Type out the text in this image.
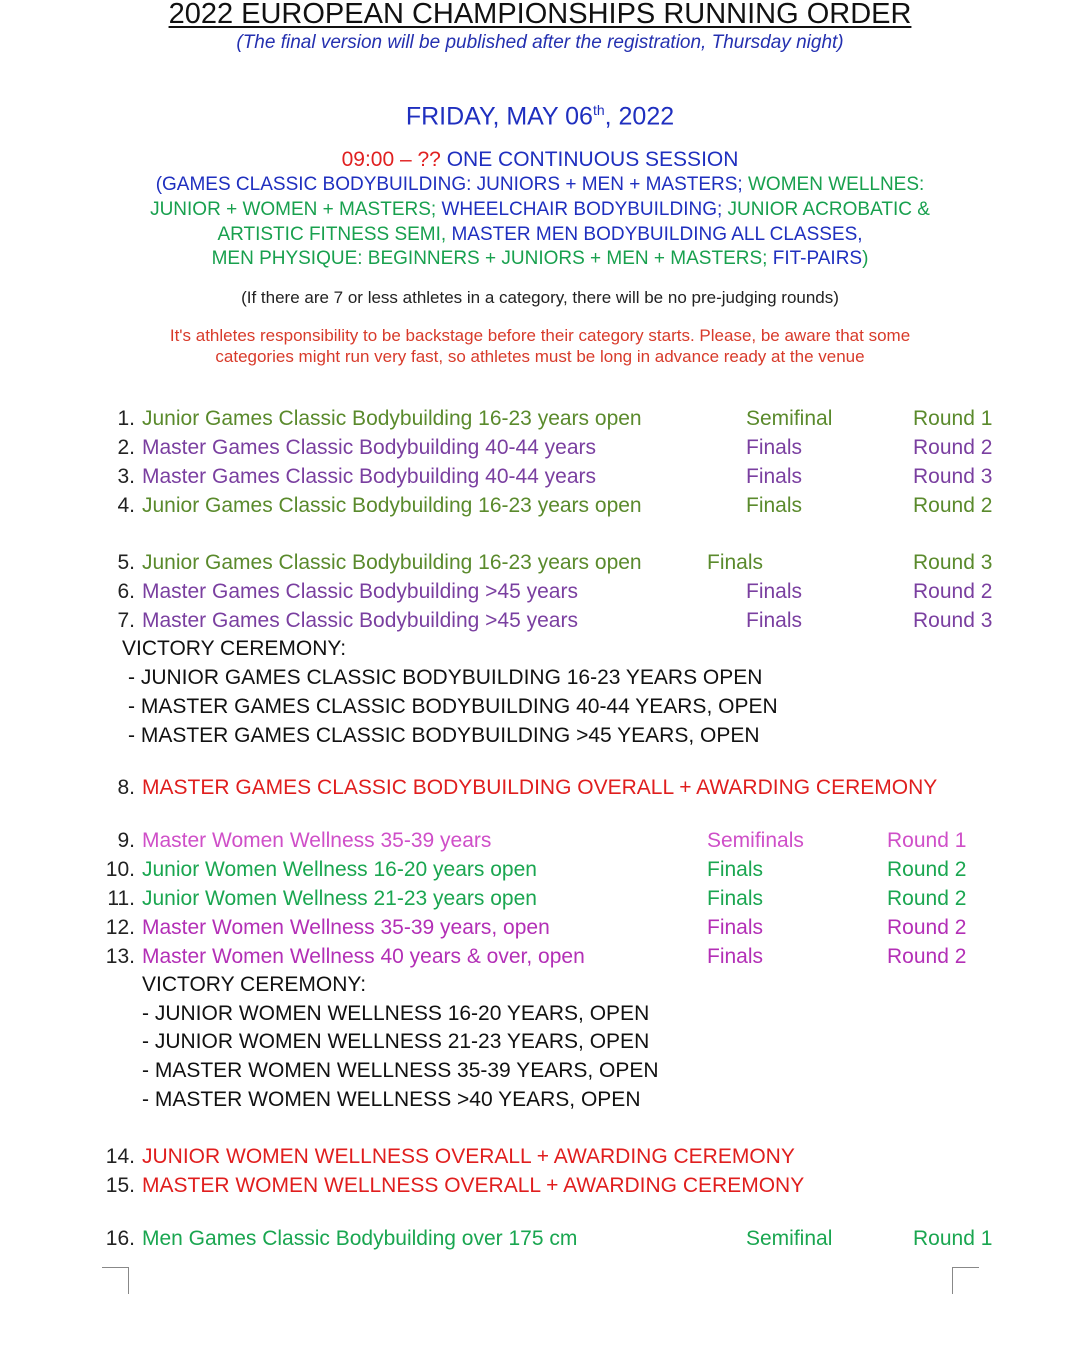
2022 EUROPEAN CHAMPIONSHIPS RUNNING ORDER
(The final version will be published after the registration, Thursday night)
FRIDAY, MAY 06th, 2022
09:00 – ?? ONE CONTINUOUS SESSION
(GAMES CLASSIC BODYBUILDING: JUNIORS + MEN + MASTERS; WOMEN WELLNES:
JUNIOR + WOMEN + MASTERS; WHEELCHAIR BODYBUILDING; JUNIOR ACROBATIC &
ARTISTIC FITNESS SEMI, MASTER MEN BODYBUILDING ALL CLASSES,
MEN PHYSIQUE: BEGINNERS + JUNIORS + MEN + MASTERS; FIT-PAIRS)
(If there are 7 or less athletes in a category, there will be no pre-judging rounds)
It's athletes responsibility to be backstage before their category starts. Please, be aware that some
categories might run very fast, so athletes must be long in advance ready at the venue
1. Junior Games Classic Bodybuilding 16-23 years open	Semifinal	Round 1
2. Master Games Classic Bodybuilding 40-44 years	Finals	Round 2
3. Master Games Classic Bodybuilding 40-44 years	Finals	Round 3
4. Junior Games Classic Bodybuilding 16-23 years open	Finals	Round 2
5. Junior Games Classic Bodybuilding 16-23 years open	Finals	Round 3
6. Master Games Classic Bodybuilding >45 years	Finals	Round 2
7. Master Games Classic Bodybuilding >45 years	Finals	Round 3
VICTORY CEREMONY:
- JUNIOR GAMES CLASSIC BODYBUILDING 16-23 YEARS OPEN
- MASTER GAMES CLASSIC BODYBUILDING 40-44 YEARS, OPEN
- MASTER GAMES CLASSIC BODYBUILDING >45 YEARS, OPEN
8. MASTER GAMES CLASSIC BODYBUILDING OVERALL + AWARDING CEREMONY
9. Master Women Wellness 35-39 years	Semifinals	Round 1
10. Junior Women Wellness 16-20 years open	Finals	Round 2
11. Junior Women Wellness 21-23 years open	Finals	Round 2
12. Master Women Wellness 35-39 years, open	Finals	Round 2
13. Master Women Wellness 40 years & over, open	Finals	Round 2
VICTORY CEREMONY:
- JUNIOR WOMEN WELLNESS 16-20 YEARS, OPEN
- JUNIOR WOMEN WELLNESS 21-23 YEARS, OPEN
- MASTER WOMEN WELLNESS 35-39 YEARS, OPEN
- MASTER WOMEN WELLNESS >40 YEARS, OPEN
14. JUNIOR WOMEN WELLNESS OVERALL + AWARDING CEREMONY
15. MASTER WOMEN WELLNESS OVERALL + AWARDING CEREMONY
16. Men Games Classic Bodybuilding over 175 cm	Semifinal	Round 1
